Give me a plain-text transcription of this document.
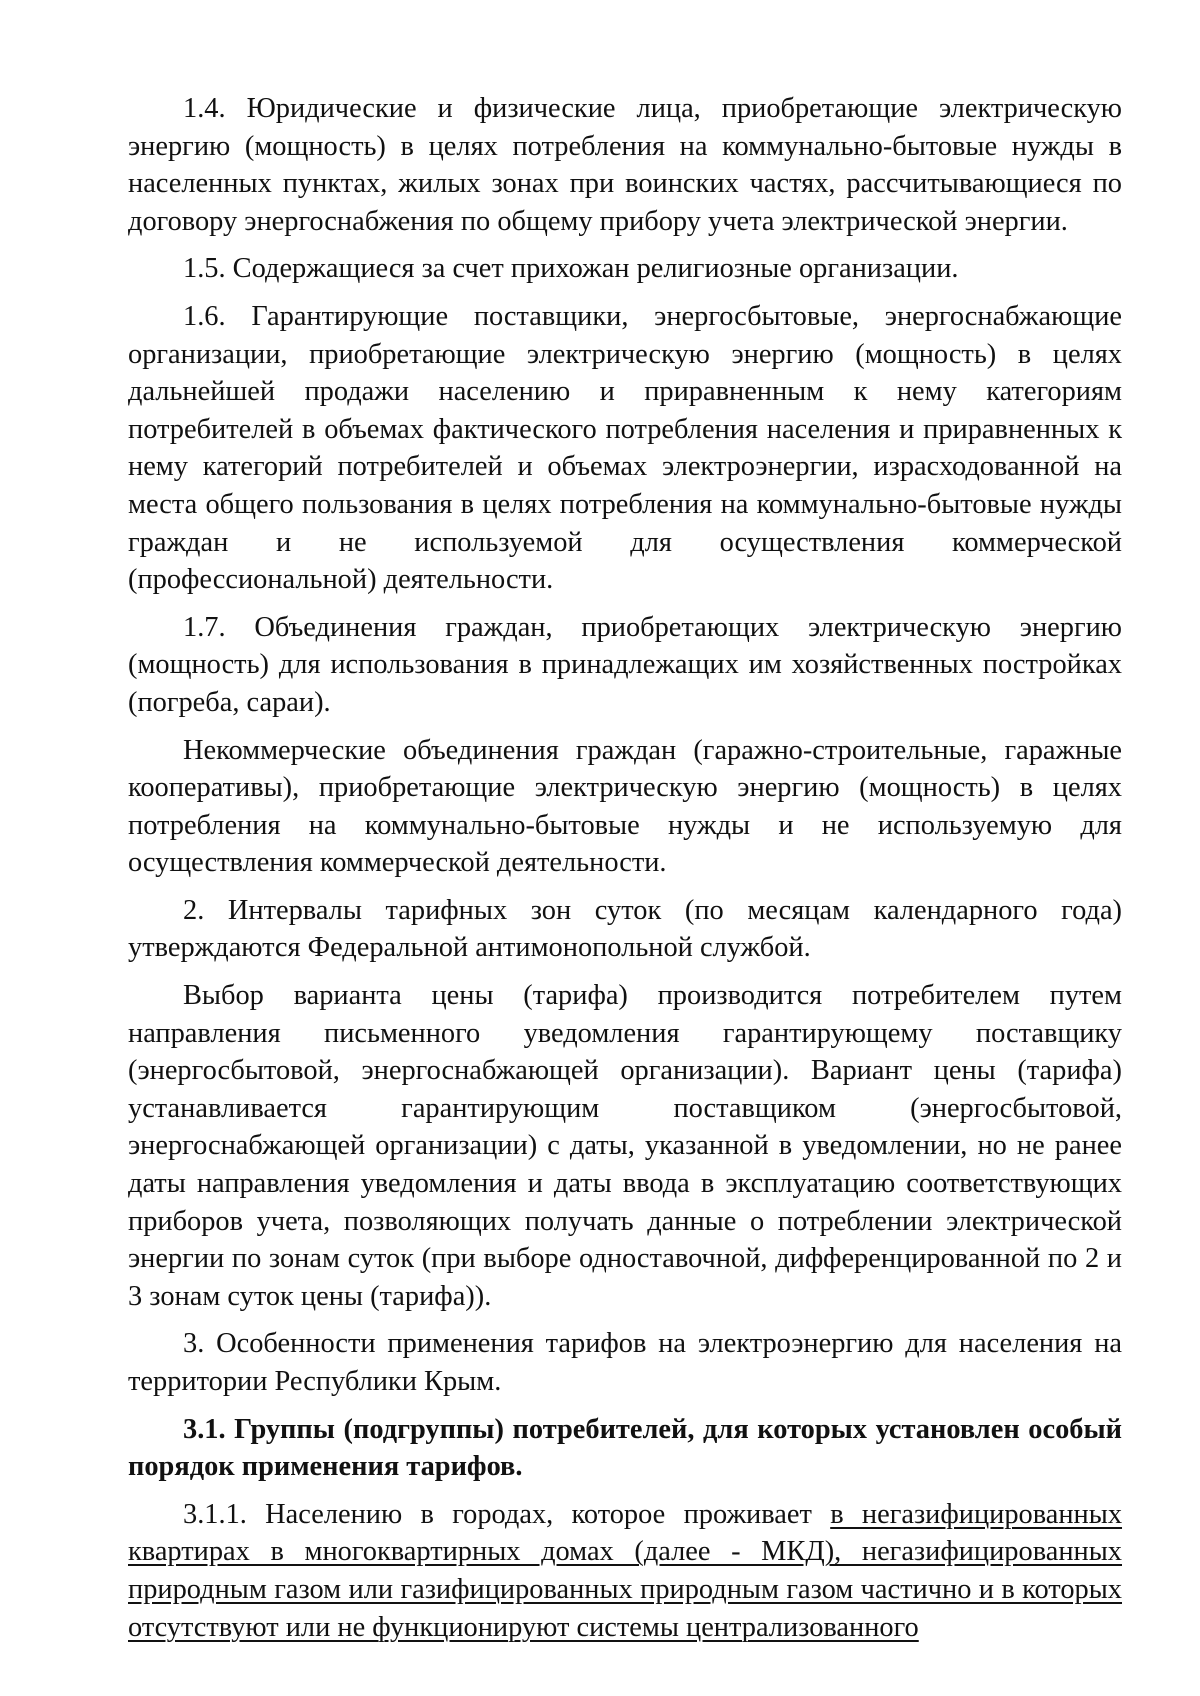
1.4. Юридические и физические лица, приобретающие электрическую энергию (мощность) в целях потребления на коммунально-бытовые нужды в населенных пунктах, жилых зонах при воинских частях, рассчитывающиеся по договору энергоснабжения по общему прибору учета электрической энергии.

1.5. Содержащиеся за счет прихожан религиозные организации.

1.6. Гарантирующие поставщики, энергосбытовые, энергоснабжающие организации, приобретающие электрическую энергию (мощность) в целях дальнейшей продажи населению и приравненным к нему категориям потребителей в объемах фактического потребления населения и приравненных к нему категорий потребителей и объемах электроэнергии, израсходованной на места общего пользования в целях потребления на коммунально-бытовые нужды граждан и не используемой для осуществления коммерческой (профессиональной) деятельности.

1.7. Объединения граждан, приобретающих электрическую энергию (мощность) для использования в принадлежащих им хозяйственных постройках (погреба, сараи).

Некоммерческие объединения граждан (гаражно-строительные, гаражные кооперативы), приобретающие электрическую энергию (мощность) в целях потребления на коммунально-бытовые нужды и не используемую для осуществления коммерческой деятельности.

2. Интервалы тарифных зон суток (по месяцам календарного года) утверждаются Федеральной антимонопольной службой.

Выбор варианта цены (тарифа) производится потребителем путем направления письменного уведомления гарантирующему поставщику (энергосбытовой, энергоснабжающей организации). Вариант цены (тарифа) устанавливается гарантирующим поставщиком (энергосбытовой, энергоснабжающей организации) с даты, указанной в уведомлении, но не ранее даты направления уведомления и даты ввода в эксплуатацию соответствующих приборов учета, позволяющих получать данные о потреблении электрической энергии по зонам суток (при выборе одноставочной, дифференцированной по 2 и 3 зонам суток цены (тарифа)).

3. Особенности применения тарифов на электроэнергию для населения на территории Республики Крым.

3.1. Группы (подгруппы) потребителей, для которых установлен особый порядок применения тарифов.

3.1.1. Населению в городах, которое проживает в негазифицированных квартирах в многоквартирных домах (далее - МКД), негазифицированных природным газом или газифицированных природным газом частично и в которых отсутствуют или не функционируют системы централизованного
